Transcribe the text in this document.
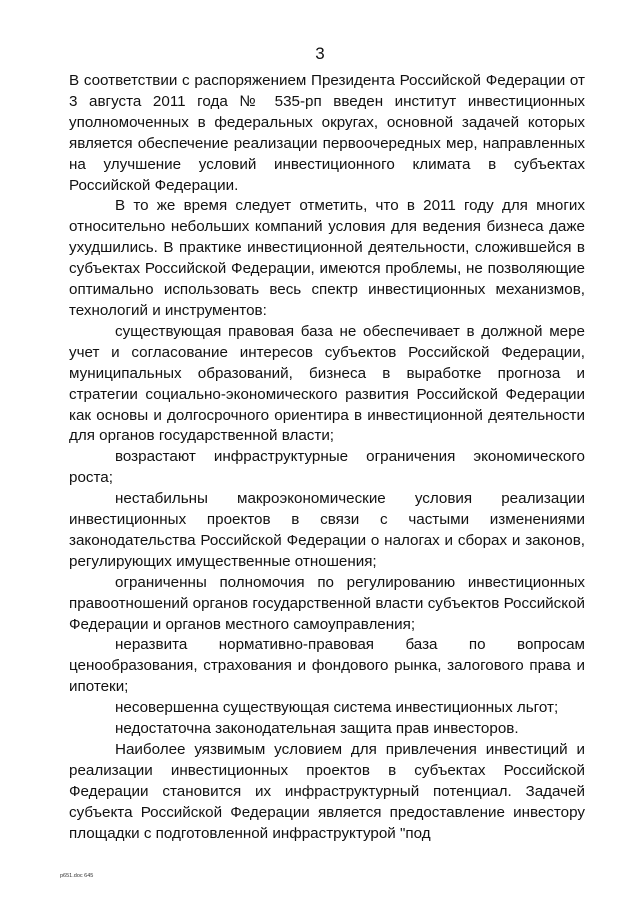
3

В соответствии с распоряжением Президента Российской Федерации от 3 августа 2011 года № 535-рп введен институт инвестиционных уполномоченных в федеральных округах, основной задачей которых является обеспечение реализации первоочередных мер, направленных на улучшение условий инвестиционного климата в субъектах Российской Федерации.

В то же время следует отметить, что в 2011 году для многих относительно небольших компаний условия для ведения бизнеса даже ухудшились. В практике инвестиционной деятельности, сложившейся в субъектах Российской Федерации, имеются проблемы, не позволяющие оптимально использовать весь спектр инвестиционных механизмов, технологий и инструментов:

существующая правовая база не обеспечивает в должной мере учет и согласование интересов субъектов Российской Федерации, муниципальных образований, бизнеса в выработке прогноза и стратегии социально-экономического развития Российской Федерации как основы и долгосрочного ориентира в инвестиционной деятельности для органов государственной власти;

возрастают инфраструктурные ограничения экономического роста;

нестабильны макроэкономические условия реализации инвестиционных проектов в связи с частыми изменениями законодательства Российской Федерации о налогах и сборах и законов, регулирующих имущественные отношения;

ограниченны полномочия по регулированию инвестиционных правоотношений органов государственной власти субъектов Российской Федерации и органов местного самоуправления;

неразвита нормативно-правовая база по вопросам ценообразования, страхования и фондового рынка, залогового права и ипотеки;

несовершенна существующая система инвестиционных льгот;

недостаточна законодательная защита прав инвесторов.

Наиболее уязвимым условием для привлечения инвестиций и реализации инвестиционных проектов в субъектах Российской Федерации становится их инфраструктурный потенциал. Задачей субъекта Российской Федерации является предоставление инвестору площадки с подготовленной инфраструктурой "под

р651.doc 645
